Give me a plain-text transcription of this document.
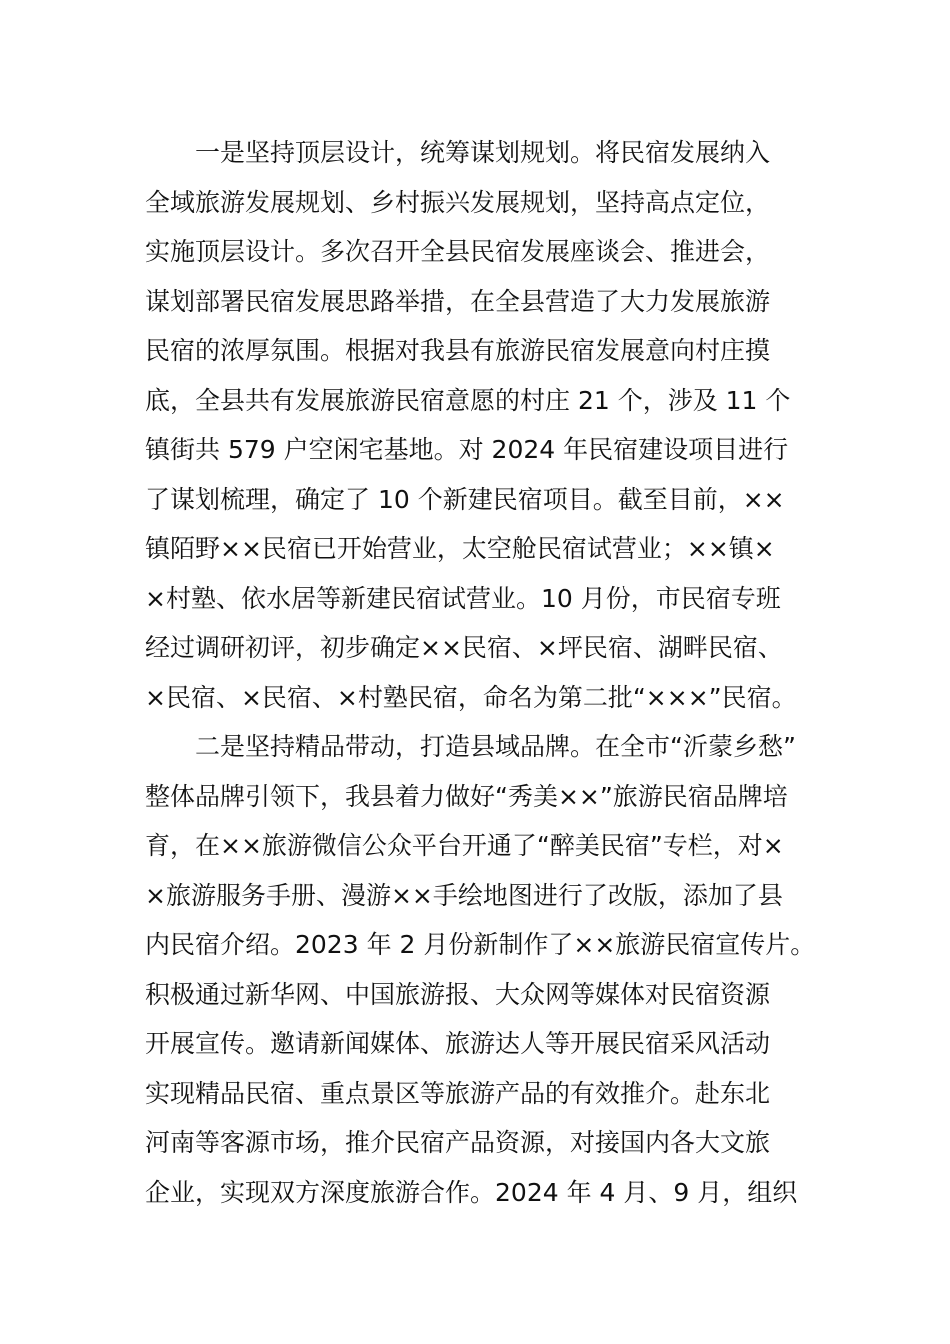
一是坚持顶层设计，统筹谋划规划。将民宿发展纳入
全域旅游发展规划、乡村振兴发展规划，坚持高点定位，
实施顶层设计。多次召开全县民宿发展座谈会、推进会，
谋划部署民宿发展思路举措，在全县营造了大力发展旅游
民宿的浓厚氛围。根据对我县有旅游民宿发展意向村庄摸
底，全县共有发展旅游民宿意愿的村庄 21 个，涉及 11 个
镇街共 579 户空闲宅基地。对 2024 年民宿建设项目进行
了谋划梳理，确定了 10 个新建民宿项目。截至目前，××
镇陌野××民宿已开始营业，太空舱民宿试营业；××镇×
×村塾、依水居等新建民宿试营业。10 月份，市民宿专班
经过调研初评，初步确定××民宿、×坪民宿、湖畔民宿、
×民宿、×民宿、×村塾民宿，命名为第二批“×××”民宿。
二是坚持精品带动，打造县域品牌。在全市“沂蒙乡愁”
整体品牌引领下，我县着力做好“秀美××”旅游民宿品牌培
育，在××旅游微信公众平台开通了“醉美民宿”专栏，对×
×旅游服务手册、漫游××手绘地图进行了改版，添加了县
内民宿介绍。2023 年 2 月份新制作了××旅游民宿宣传片。
积极通过新华网、中国旅游报、大众网等媒体对民宿资源
开展宣传。邀请新闻媒体、旅游达人等开展民宿采风活动
实现精品民宿、重点景区等旅游产品的有效推介。赴东北
河南等客源市场，推介民宿产品资源，对接国内各大文旅
企业，实现双方深度旅游合作。2024 年 4 月、9 月，组织
